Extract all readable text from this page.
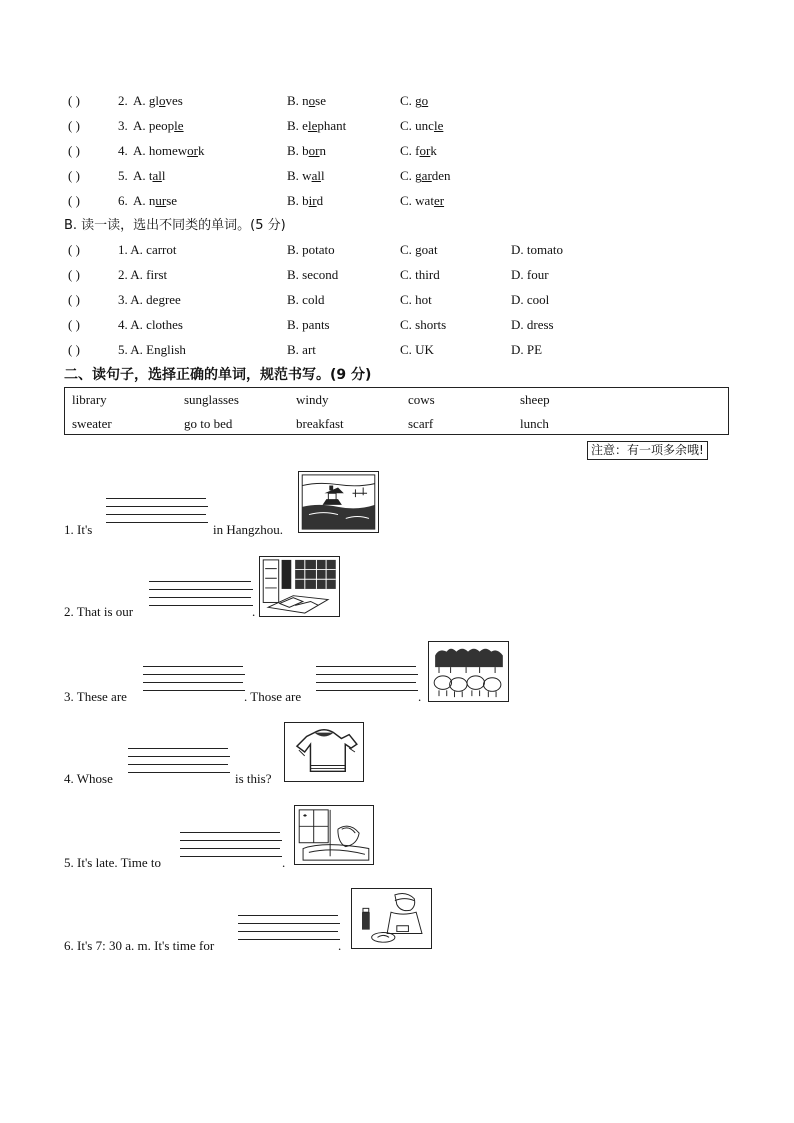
( )	2. A. gloves	B. nose	C. go
( )	3. A. people	B. elephant	C. uncle
( )	4. A. homework	B. born	C. fork
( )	5. A. tall	B. wall	C. garden
( )	6. A. nurse	B. bird	C. water
B. 读一读，选出不同类的单词。(5 分)
( )	1. A. carrot	B. potato	C. goat	D. tomato
( )	2. A. first	B. second	C. third	D. four
( )	3. A. degree	B. cold	C. hot	D. cool
( )	4. A. clothes	B. pants	C. shorts	D. dress
( )	5. A. English	B. art	C. UK	D. PE
二、读句子，选择正确的单词，规范书写。(9 分)
library	sunglasses	windy	cows	sheep
sweater	go to bed	breakfast	scarf	lunch
注意：有一项多余哦!
1. It's	in Hangzhou.
2. That is our	.
3. These are	. Those are	.
4. Whose	is this?
5. It's late. Time to	.
6. It's 7: 30 a. m. It's time for	.
